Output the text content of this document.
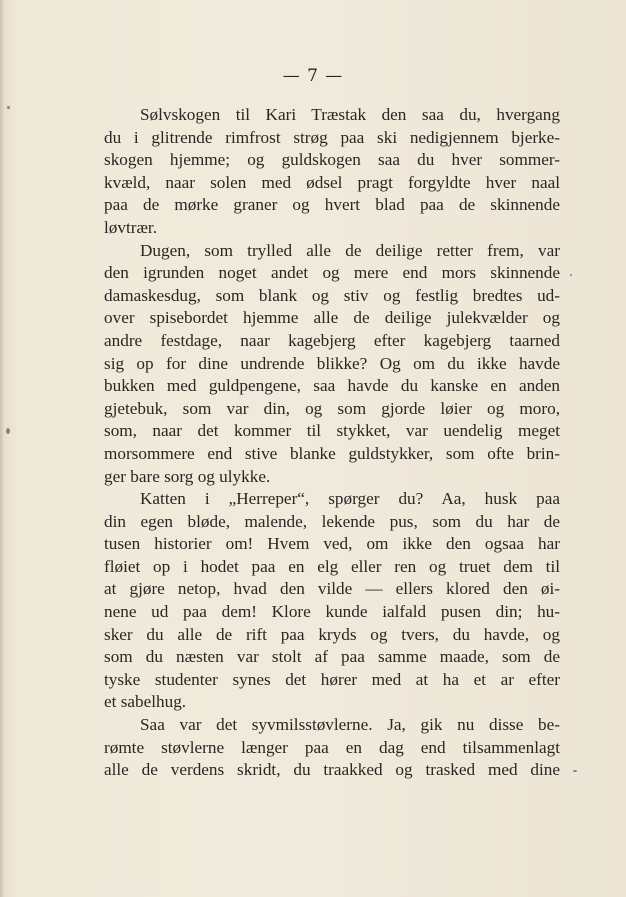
— 7 —
Sølvskogen til Kari Træstak den saa du, hvergang
du i glitrende rimfrost strøg paa ski nedigjennem bjerke-
skogen hjemme; og guldskogen saa du hver sommer-
kvæld, naar solen med ødsel pragt forgyldte hver naal
paa de mørke graner og hvert blad paa de skinnende
løvtrær.
Dugen, som trylled alle de deilige retter frem, var
den igrunden noget andet og mere end mors skinnende
damaskesdug, som blank og stiv og festlig bredtes ud-
over spisebordet hjemme alle de deilige julekvælder og
andre festdage, naar kagebjerg efter kagebjerg taarned
sig op for dine undrende blikke? Og om du ikke havde
bukken med guldpengene, saa havde du kanske en anden
gjetebuk, som var din, og som gjorde løier og moro,
som, naar det kommer til stykket, var uendelig meget
morsommere end stive blanke guldstykker, som ofte brin-
ger bare sorg og ulykke.
Katten i „Herreper“, spørger du? Aa, husk paa
din egen bløde, malende, lekende pus, som du har de
tusen historier om! Hvem ved, om ikke den ogsaa har
fløiet op i hodet paa en elg eller ren og truet dem til
at gjøre netop, hvad den vilde — ellers klored den øi-
nene ud paa dem! Klore kunde ialfald pusen din; hu-
sker du alle de rift paa kryds og tvers, du havde, og
som du næsten var stolt af paa samme maade, som de
tyske studenter synes det hører med at ha et ar efter
et sabelhug.
Saa var det syvmilsstøvlerne. Ja, gik nu disse be-
rømte støvlerne længer paa en dag end tilsammenlagt
alle de verdens skridt, du traakked og trasked med dine
